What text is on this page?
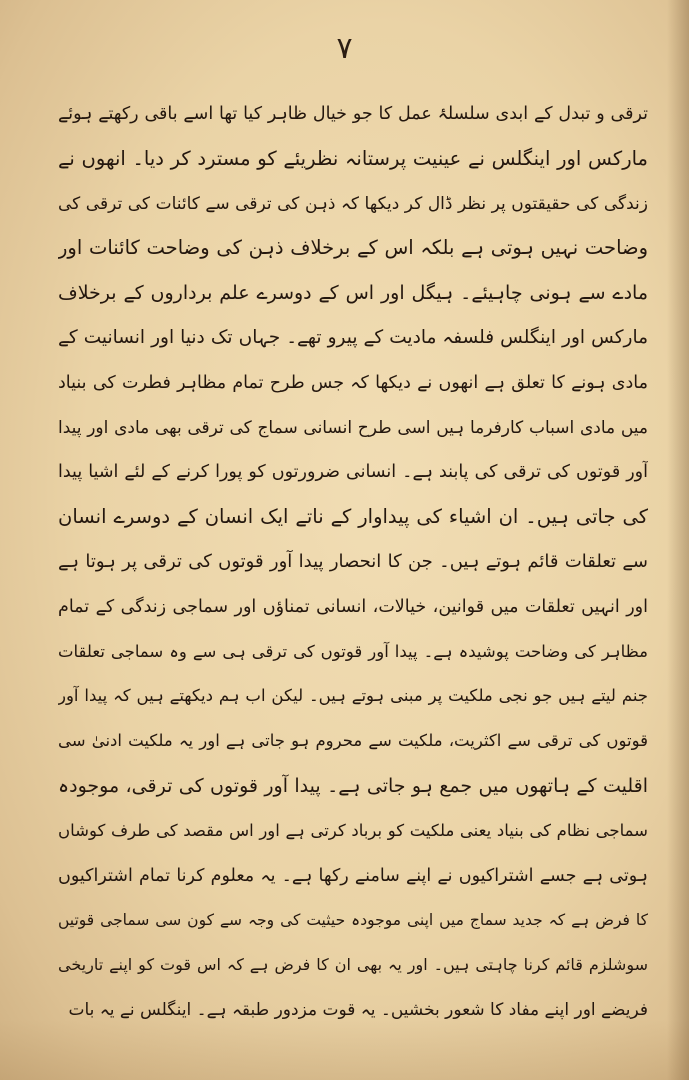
٧
ترقی و تبدل کے ابدی سلسلۂ عمل کا جو خیال ظاہر کیا تھا اسے باقی رکھتے ہوئے
مارکس اور اینگلس نے عینیت پرستانہ نظریئے کو مسترد کر دیا۔ انھوں نے
زندگی کی حقیقتوں پر نظر ڈال کر دیکھا کہ ذہن کی ترقی سے کائنات کی ترقی کی
وضاحت نہیں ہوتی ہے بلکہ اس کے برخلاف ذہن کی وضاحت کائنات اور
مادے سے ہونی چاہیئے۔ ہیگل اور اس کے دوسرے علم برداروں کے برخلاف
مارکس اور اینگلس فلسفہ مادیت کے پیرو تھے۔ جہاں تک دنیا اور انسانیت کے
مادی ہونے کا تعلق ہے انھوں نے دیکھا کہ جس طرح تمام مظاہر فطرت کی بنیاد
میں مادی اسباب کارفرما ہیں اسی طرح انسانی سماج کی ترقی بھی مادی اور پیدا
آور قوتوں کی ترقی کی پابند ہے۔ انسانی ضرورتوں کو پورا کرنے کے لئے اشیا پیدا
کی جاتی ہیں۔ ان اشیاء کی پیداوار کے ناتے ایک انسان کے دوسرے انسان
سے تعلقات قائم ہوتے ہیں۔ جن کا انحصار پیدا آور قوتوں کی ترقی پر ہوتا ہے
اور انہیں تعلقات میں قوانین، خیالات، انسانی تمناؤں اور سماجی زندگی کے تمام
مظاہر کی وضاحت پوشیدہ ہے۔ پیدا آور قوتوں کی ترقی ہی سے وہ سماجی تعلقات
جنم لیتے ہیں جو نجی ملکیت پر مبنی ہوتے ہیں۔ لیکن اب ہم دیکھتے ہیں کہ پیدا آور
قوتوں کی ترقی سے اکثریت، ملکیت سے محروم ہو جاتی ہے اور یہ ملکیت ادنیٰ سی
اقلیت کے ہاتھوں میں جمع ہو جاتی ہے۔ پیدا آور قوتوں کی ترقی، موجودہ
سماجی نظام کی بنیاد یعنی ملکیت کو برباد کرتی ہے اور اس مقصد کی طرف کوشاں
ہوتی ہے جسے اشتراکیوں نے اپنے سامنے رکھا ہے۔ یہ معلوم کرنا تمام اشتراکیوں
کا فرض ہے کہ جدید سماج میں اپنی موجودہ حیثیت کی وجہ سے کون سی سماجی قوتیں
سوشلزم قائم کرنا چاہتی ہیں۔ اور یہ بھی ان کا فرض ہے کہ اس قوت کو اپنے تاریخی
فریضے اور اپنے مفاد کا شعور بخشیں۔ یہ قوت مزدور طبقہ ہے۔ اینگلس نے یہ بات
